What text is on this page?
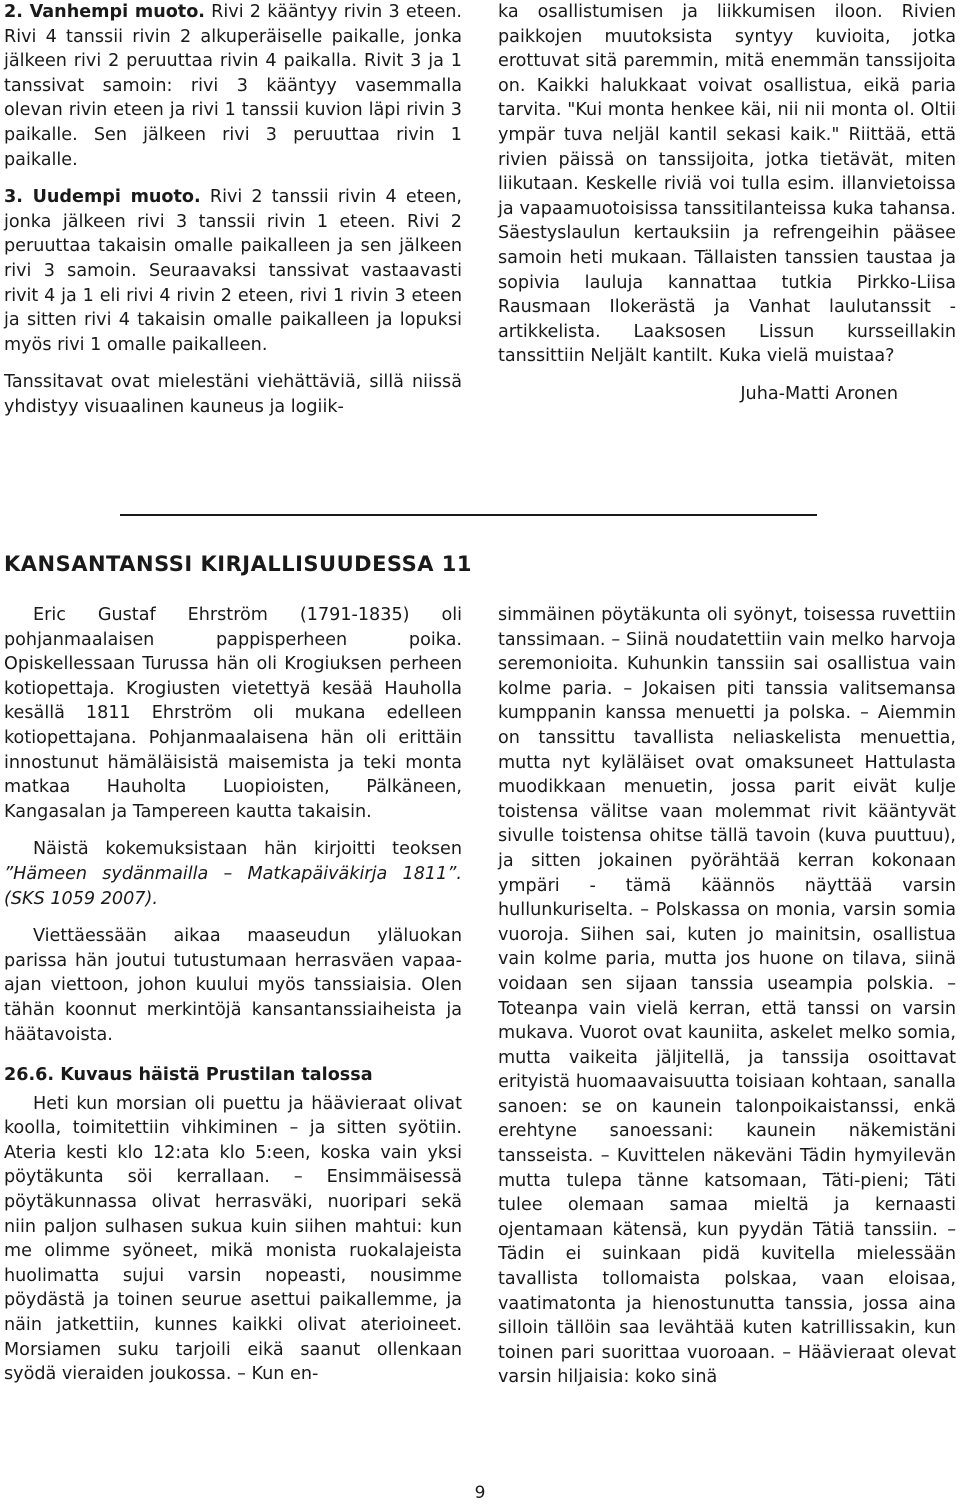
2. Vanhempi muoto. Rivi 2 kääntyy rivin 3 eteen. Rivi 4 tanssii rivin 2 alkuperäiselle paikalle, jonka jälkeen rivi 2 peruuttaa rivin 4 paikalla. Rivit 3 ja 1 tanssivat samoin: rivi 3 kääntyy vasemmalla olevan rivin eteen ja rivi 1 tanssii kuvion läpi rivin 3 paikalle. Sen jälkeen rivi 3 peruuttaa rivin 1 paikalle.

3. Uudempi muoto. Rivi 2 tanssii rivin 4 eteen, jonka jälkeen rivi 3 tanssii rivin 1 eteen. Rivi 2 peruuttaa takaisin omalle paikalleen ja sen jälkeen rivi 3 samoin. Seuraavaksi tanssivat vastaavasti rivit 4 ja 1 eli rivi 4 rivin 2 eteen, rivi 1 rivin 3 eteen ja sitten rivi 4 takaisin omalle paikalleen ja lopuksi myös rivi 1 omalle paikalleen.

Tanssitavat ovat mielestäni viehättäviä, sillä niissä yhdistyy visuaalinen kauneus ja logiik-

ka osallistumisen ja liikkumisen iloon. Rivien paikkojen muutoksista syntyy kuvioita, jotka erottuvat sitä paremmin, mitä enemmän tanssijoita on. Kaikki halukkaat voivat osallistua, eikä paria tarvita. "Kui monta henkee käi, nii nii monta ol. Oltii ympär tuva neljäl kantil sekasi kaik." Riittää, että rivien päissä on tanssijoita, jotka tietävät, miten liikutaan. Keskelle riviä voi tulla esim. illanvietoissa ja vapaamuotoisissa tanssitilanteissa kuka tahansa. Säestyslaulun kertauksiin ja refrengeihin pääsee samoin heti mukaan. Tällaisten tanssien taustaa ja sopivia lauluja kannattaa tutkia Pirkko-Liisa Rausmaan Ilokerästä ja Vanhat laulutanssit -artikkelista. Laaksosen Lissun kursseillakin tanssittiin Neljält kantilt. Kuka vielä muistaa?

Juha-Matti Aronen

KANSANTANSSI KIRJALLISUUDESSA 11

Eric Gustaf Ehrström (1791-1835) oli pohjanmaalaisen pappisperheen poika. Opiskellessaan Turussa hän oli Krogiuksen perheen kotiopettaja. Krogiusten vietettyä kesää Hauholla kesällä 1811 Ehrström oli mukana edelleen kotiopettajana. Pohjanmaalaisena hän oli erittäin innostunut hämäläisistä maisemista ja teki monta matkaa Hauholta Luopioisten, Pälkäneen, Kangasalan ja Tampereen kautta takaisin.

Näistä kokemuksistaan hän kirjoitti teoksen ”Hämeen sydänmailla – Matkapäiväkirja 1811”. (SKS 1059 2007).

Viettäessään aikaa maaseudun yläluokan parissa hän joutui tutustumaan herrasväen vapaa-ajan viettoon, johon kuului myös tanssiaisia. Olen tähän koonnut merkintöjä kansantanssiaiheista ja häätavoista.

26.6. Kuvaus häistä Prustilan talossa

Heti kun morsian oli puettu ja häävieraat olivat koolla, toimitettiin vihkiminen – ja sitten syötiin. Ateria kesti klo 12:ata klo 5:een, koska vain yksi pöytäkunta söi kerrallaan. – Ensimmäisessä pöytäkunnassa olivat herrasväki, nuoripari sekä niin paljon sulhasen sukua kuin siihen mahtui: kun me olimme syöneet, mikä monista ruokalajeista huolimatta sujui varsin nopeasti, nousimme pöydästä ja toinen seurue asettui paikallemme, ja näin jatkettiin, kunnes kaikki olivat aterioineet. Morsiamen suku tarjoili eikä saanut ollenkaan syödä vieraiden joukossa. – Kun en-

simmäinen pöytäkunta oli syönyt, toisessa ruvettiin tanssimaan. – Siinä noudatettiin vain melko harvoja seremonioita. Kuhunkin tanssiin sai osallistua vain kolme paria. – Jokaisen piti tanssia valitsemansa kumppanin kanssa menuetti ja polska. – Aiemmin on tanssittu tavallista neliaskelista menuettia, mutta nyt kyläläiset ovat omaksuneet Hattulasta muodikkaan menuetin, jossa parit eivät kulje toistensa välitse vaan molemmat rivit kääntyvät sivulle toistensa ohitse tällä tavoin (kuva puuttuu), ja sitten jokainen pyörähtää kerran kokonaan ympäri - tämä käännös näyttää varsin hullunkuriselta. – Polskassa on monia, varsin somia vuoroja. Siihen sai, kuten jo mainitsin, osallistua vain kolme paria, mutta jos huone on tilava, siinä voidaan sen sijaan tanssia useampia polskia. – Toteanpa vain vielä kerran, että tanssi on varsin mukava. Vuorot ovat kauniita, askelet melko somia, mutta vaikeita jäljitellä, ja tanssija osoittavat erityistä huomaavaisuutta toisiaan kohtaan, sanalla sanoen: se on kaunein talonpoikaistanssi, enkä erehtyne sanoessani: kaunein näkemistäni tansseista. – Kuvittelen näkeväni Tädin hymyilevän mutta tulepa tänne katsomaan, Täti-pieni; Täti tulee olemaan samaa mieltä ja kernaasti ojentamaan kätensä, kun pyydän Tätiä tanssiin. – Tädin ei suinkaan pidä kuvitella mielessään tavallista tollomaista polskaa, vaan eloisaa, vaatimatonta ja hienostunutta tanssia, jossa aina silloin tällöin saa levähtää kuten katrillissakin, kun toinen pari suorittaa vuoroaan. – Häävieraat olevat varsin hiljaisia: koko sinä

9
